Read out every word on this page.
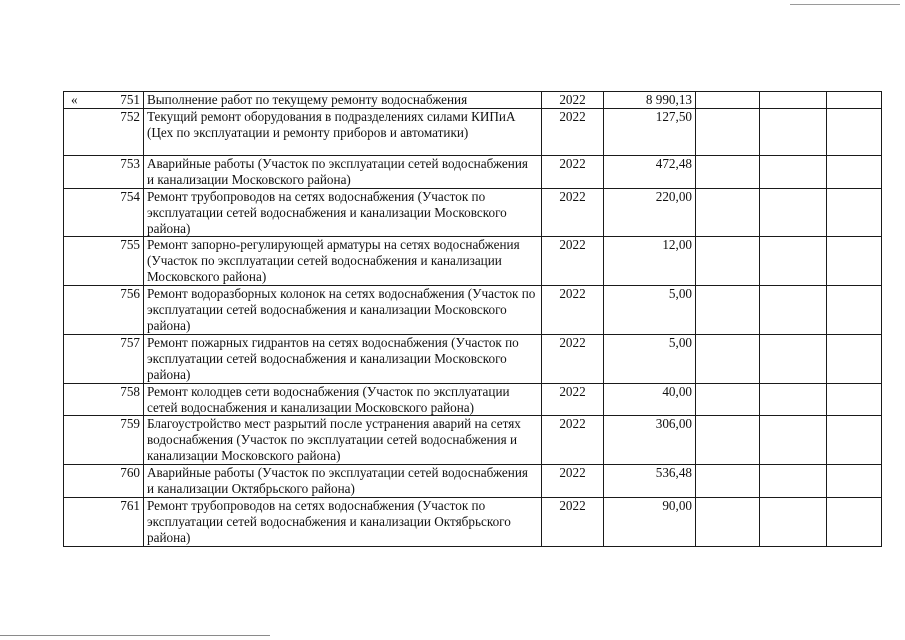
« 751	Выполнение работ по текущему ремонту водоснабжения	2022	8 990,13			
752	Текущий ремонт оборудования в подразделениях силами КИПиА (Цех по эксплуатации и ремонту приборов и автоматики)	2022	127,50			
753	Аварийные работы (Участок по эксплуатации сетей водоснабжения и канализации Московского района)	2022	472,48			
754	Ремонт трубопроводов на сетях водоснабжения (Участок по эксплуатации сетей водоснабжения и канализации Московского района)	2022	220,00			
755	Ремонт запорно-регулирующей арматуры на сетях водоснабжения (Участок по эксплуатации сетей водоснабжения и канализации Московского района)	2022	12,00			
756	Ремонт водоразборных колонок на сетях водоснабжения (Участок по эксплуатации сетей водоснабжения и канализации Московского района)	2022	5,00			
757	Ремонт пожарных гидрантов на сетях водоснабжения (Участок по эксплуатации сетей водоснабжения и канализации Московского района)	2022	5,00			
758	Ремонт колодцев сети водоснабжения (Участок по эксплуатации сетей водоснабжения и канализации Московского района)	2022	40,00			
759	Благоустройство мест разрытий после устранения аварий на сетях водоснабжения (Участок по эксплуатации сетей водоснабжения и канализации Московского района)	2022	306,00			
760	Аварийные работы (Участок по эксплуатации сетей водоснабжения и канализации Октябрьского района)	2022	536,48			
761	Ремонт трубопроводов на сетях водоснабжения (Участок по эксплуатации сетей водоснабжения и канализации Октябрьского района)	2022	90,00			
